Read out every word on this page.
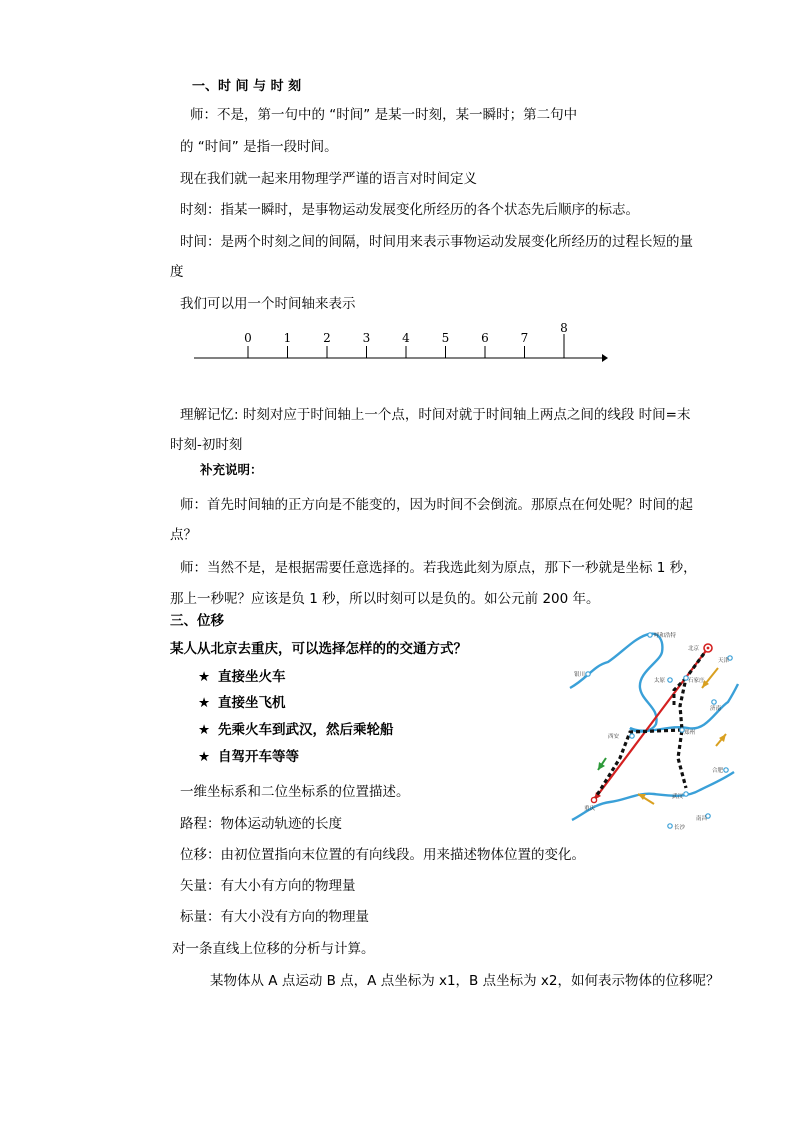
一、时 间 与 时 刻
师：不是，第一句中的 “时间” 是某一时刻，某一瞬时；第二句中
的 “时间” 是指一段时间。
现在我们就一起来用物理学严谨的语言对时间定义
时刻：指某一瞬时，是事物运动发展变化所经历的各个状态先后顺序的标志。
时间：是两个时刻之间的间隔，时间用来表示事物运动发展变化所经历的过程长短的量
度
我们可以用一个时间轴来表示
0	1	2	3	4	5	6	7
8
理解记忆: 时刻对应于时间轴上一个点，时间对就于时间轴上两点之间的线段 时间=末
时刻-初时刻
补充说明：
师：首先时间轴的正方向是不能变的，因为时间不会倒流。那原点在何处呢？时间的起
点？
师：当然不是，是根据需要任意选择的。若我选此刻为原点，那下一秒就是坐标 1 秒，
那上一秒呢？应该是负 1 秒，所以时刻可以是负的。如公元前 200 年。
三、位移
某人从北京去重庆，可以选择怎样的的交通方式？
★ 直接坐火车
★ 直接坐飞机
★ 先乘火车到武汉，然后乘轮船
★ 自驾开车等等
一维坐标系和二位坐标系的位置描述。
路程：物体运动轨迹的长度
位移：由初位置指向末位置的有向线段。用来描述物体位置的变化。
矢量：有大小有方向的物理量
标量：有大小没有方向的物理量
对一条直线上位移的分析与计算。
某物体从 A 点运动 B 点，A 点坐标为 x1，B 点坐标为 x2，如何表示物体的位移呢？
呼和浩特
北京
天津
银川
太原	石家庄
济南
西安
郑州
合肥
重庆
武汉
南昌
长沙
